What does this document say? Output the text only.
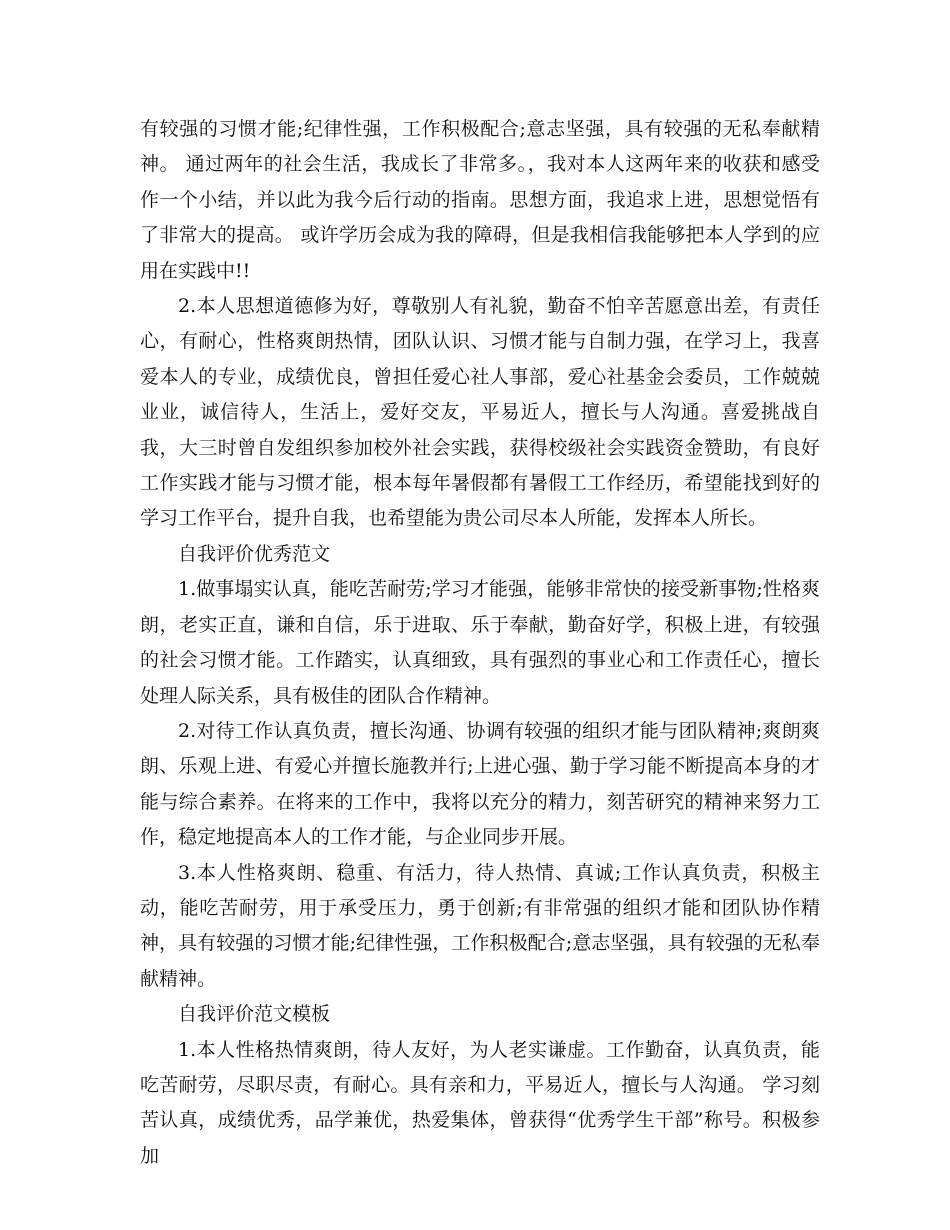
有较强的习惯才能;纪律性强，工作积极配合;意志坚强，具有较强的无私奉献精神。 通过两年的社会生活，我成长了非常多。，我对本人这两年来的收获和感受作一个小结，并以此为我今后行动的指南。思想方面，我追求上进，思想觉悟有了非常大的提高。 或许学历会成为我的障碍，但是我相信我能够把本人学到的应用在实践中!!

2.本人思想道德修为好，尊敬别人有礼貌，勤奋不怕辛苦愿意出差，有责任心，有耐心，性格爽朗热情，团队认识、习惯才能与自制力强，在学习上，我喜爱本人的专业，成绩优良，曾担任爱心社人事部，爱心社基金会委员，工作兢兢业业，诚信待人，生活上，爱好交友，平易近人，擅长与人沟通。喜爱挑战自我，大三时曾自发组织参加校外社会实践，获得校级社会实践资金赞助，有良好工作实践才能与习惯才能，根本每年暑假都有暑假工工作经历，希望能找到好的学习工作平台，提升自我，也希望能为贵公司尽本人所能，发挥本人所长。

自我评价优秀范文

1.做事塌实认真，能吃苦耐劳;学习才能强，能够非常快的接受新事物;性格爽朗，老实正直，谦和自信，乐于进取、乐于奉献，勤奋好学，积极上进，有较强的社会习惯才能。工作踏实，认真细致，具有强烈的事业心和工作责任心，擅长处理人际关系，具有极佳的团队合作精神。

2.对待工作认真负责，擅长沟通、协调有较强的组织才能与团队精神;爽朗爽朗、乐观上进、有爱心并擅长施教并行;上进心强、勤于学习能不断提高本身的才能与综合素养。在将来的工作中，我将以充分的精力，刻苦研究的精神来努力工作，稳定地提高本人的工作才能，与企业同步开展。

3.本人性格爽朗、稳重、有活力，待人热情、真诚;工作认真负责，积极主动，能吃苦耐劳，用于承受压力，勇于创新;有非常强的组织才能和团队协作精神，具有较强的习惯才能;纪律性强，工作积极配合;意志坚强，具有较强的无私奉献精神。

自我评价范文模板

1.本人性格热情爽朗，待人友好，为人老实谦虚。工作勤奋，认真负责，能吃苦耐劳，尽职尽责，有耐心。具有亲和力，平易近人，擅长与人沟通。 学习刻苦认真，成绩优秀，品学兼优，热爱集体，曾获得“优秀学生干部”称号。积极参加
